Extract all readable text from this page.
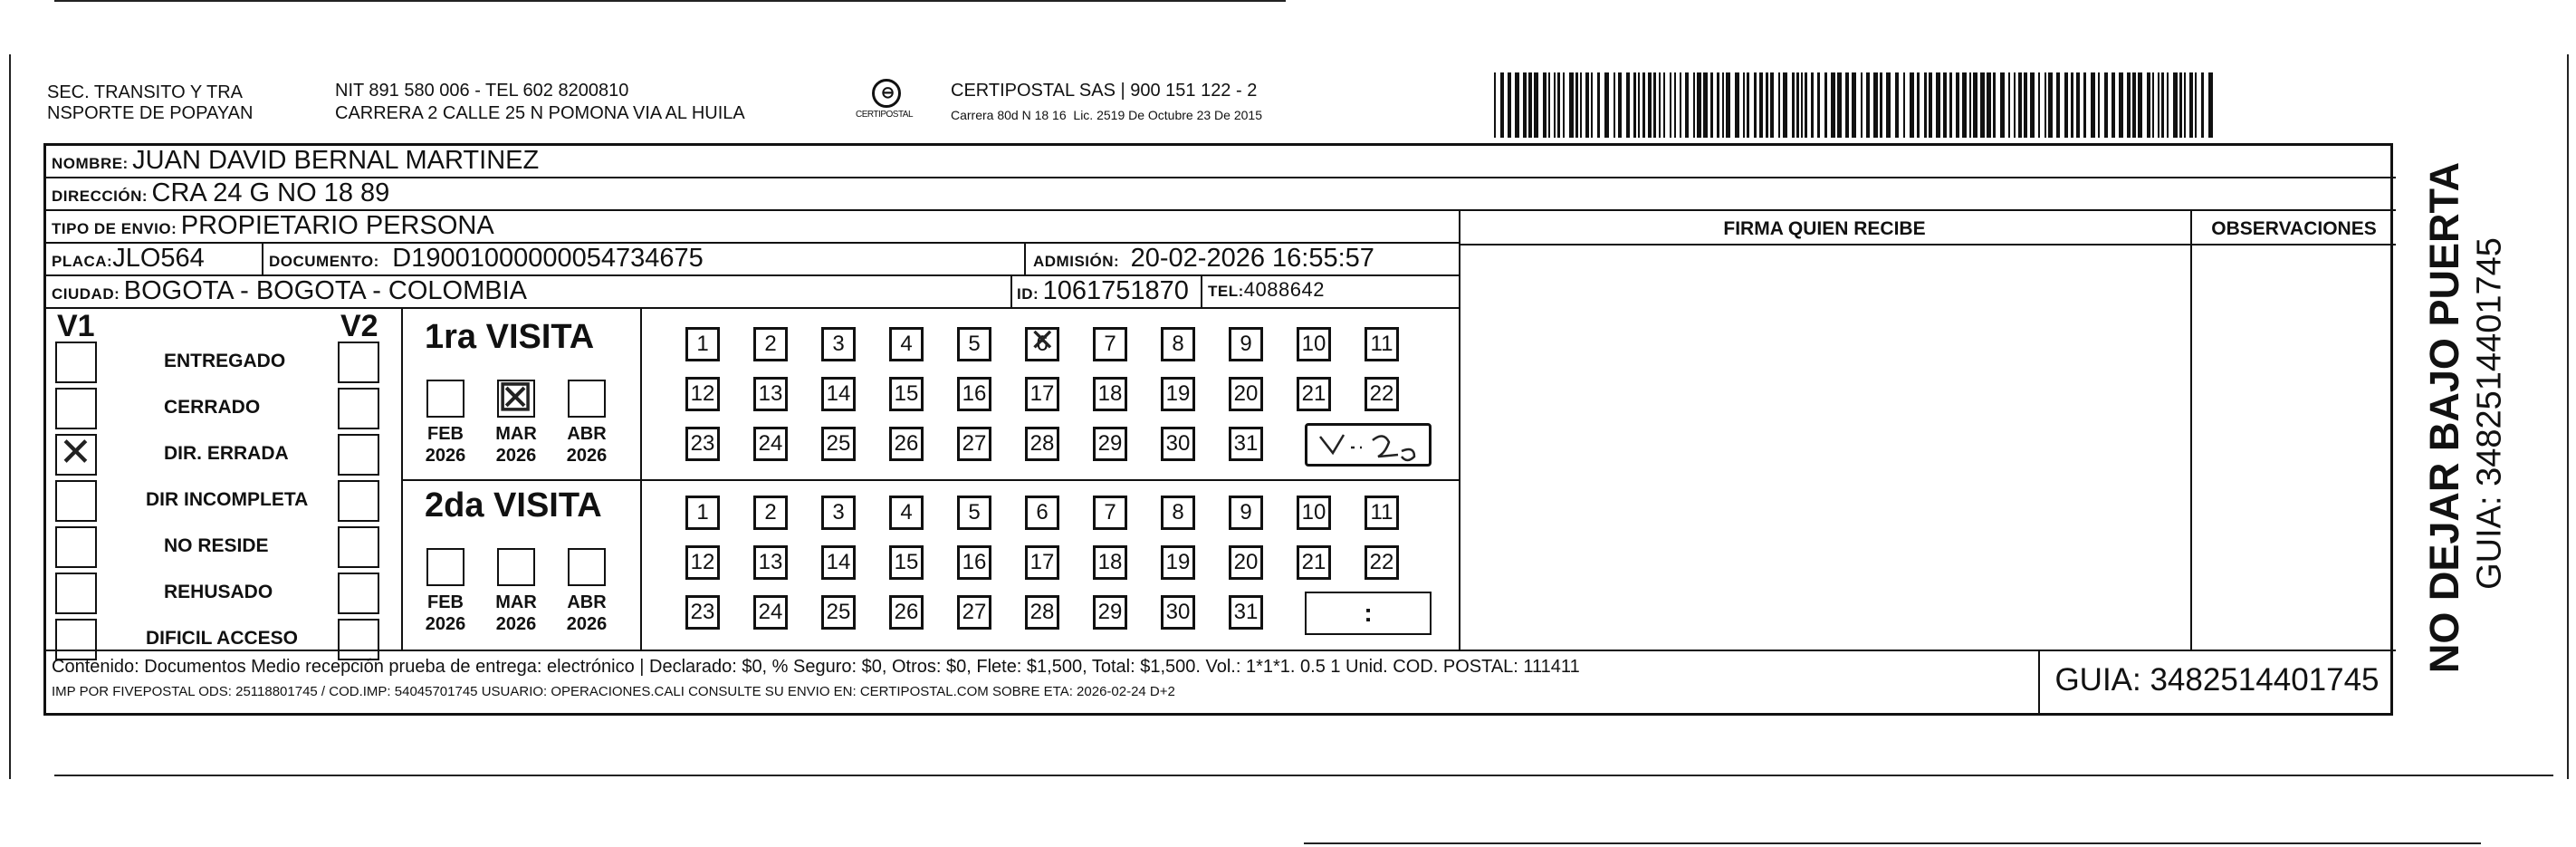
SEC. TRANSITO Y TRA
NSPORTE DE POPAYAN
NIT 891 580 006 - TEL 602 8200810
CARRERA 2 CALLE 25 N POMONA VIA AL HUILA
⊖
CERTIPOSTAL
CERTIPOSTAL SAS | 900 151 122 - 2
Carrera 80d N 18 16  Lic. 2519 De Octubre 23 De 2015
NOMBRE: JUAN DAVID BERNAL MARTINEZ
DIRECCIÓN: CRA 24 G NO 18 89
TIPO DE ENVIO: PROPIETARIO PERSONA
PLACA:JLO564	DOCUMENTO: D19001000000054734675	ADMISIÓN: 20-02-2026 16:55:57
CIUDAD: BOGOTA - BOGOTA - COLOMBIA	ID: 1061751870 TEL:4088642
FIRMA QUIEN RECIBE	OBSERVACIONES
V1	V2
ENTREGADO
CERRADO
✕
DIR. ERRADA
DIR INCOMPLETA
NO RESIDE
REHUSADO
DIFICIL ACCESO
1ra VISITA
2da VISITA
FEB
2026
⊠
MAR
2026
ABR
2026
FEB
2026
MAR
2026
ABR
2026
1	2	3	4	5	6 ✕	7	8	9	10 11
12 13 14 15 16 17 18 19 20 21 22
23 24 25 26 27 28 29 30 31
1	2	3	4	5	6	7	8	9	10 11
12 13 14 15 16 17 18 19 20 21 22
23 24 25 26 27 28 29 30 31	:
Contenido: Documentos Medio recepción prueba de entrega: electrónico | Declarado: $0, % Seguro: $0, Otros: $0, Flete: $1,500, Total: $1,500. Vol.: 1*1*1. 0.5 1 Unid. COD. POSTAL: 111411
IMP POR FIVEPOSTAL ODS: 25118801745 / COD.IMP: 54045701745 USUARIO: OPERACIONES.CALI CONSULTE SU ENVIO EN: CERTIPOSTAL.COM SOBRE ETA: 2026-02-24 D+2	GUIA: 3482514401745
NO DEJAR BAJO PUERTA GUIA: 3482514401745
